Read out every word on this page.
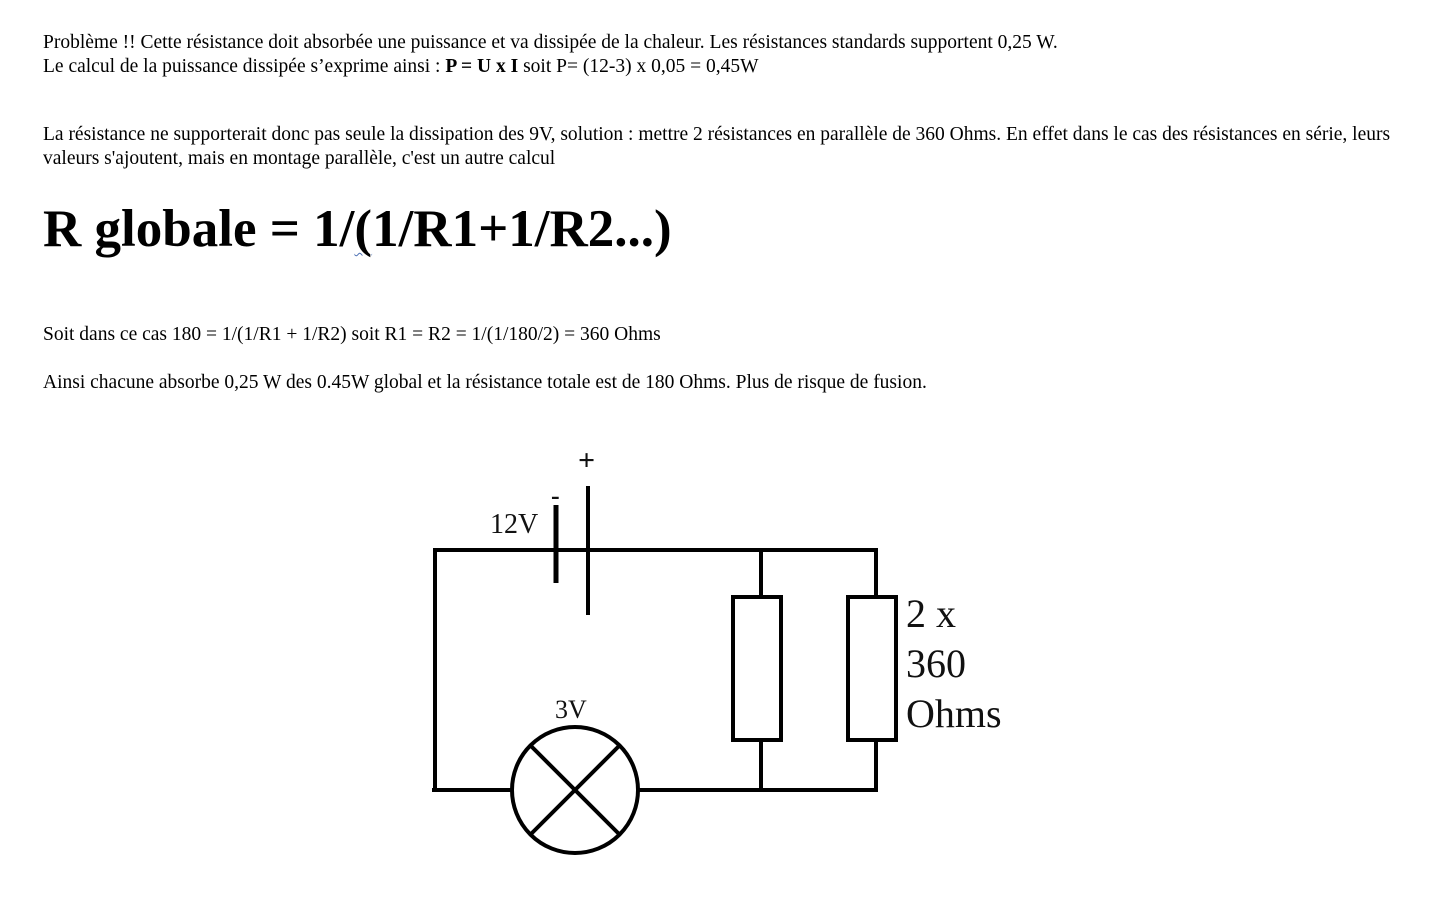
Problème !! Cette résistance doit absorbée une puissance et va dissipée de la chaleur. Les résistances standards supportent 0,25 W.

Le calcul de la puissance dissipée s’exprime ainsi : P = U x I soit P= (12-3) x 0,05 = 0,45W

La résistance ne supporterait donc pas seule la dissipation des 9V, solution : mettre 2 résistances en parallèle de 360 Ohms. En effet dans le cas des résistances en série, leurs valeurs s'ajoutent, mais en montage parallèle, c'est un autre calcul

R globale = 1/(1/R1+1/R2...)

Soit dans ce cas 180 = 1/(1/R1 + 1/R2) soit R1 = R2 = 1/(1/180/2) = 360 Ohms

Ainsi chacune absorbe 0,25 W des 0.45W global et la résistance totale est de 180 Ohms. Plus de risque de fusion.

+
-
12V
3V
2 x
360
Ohms
